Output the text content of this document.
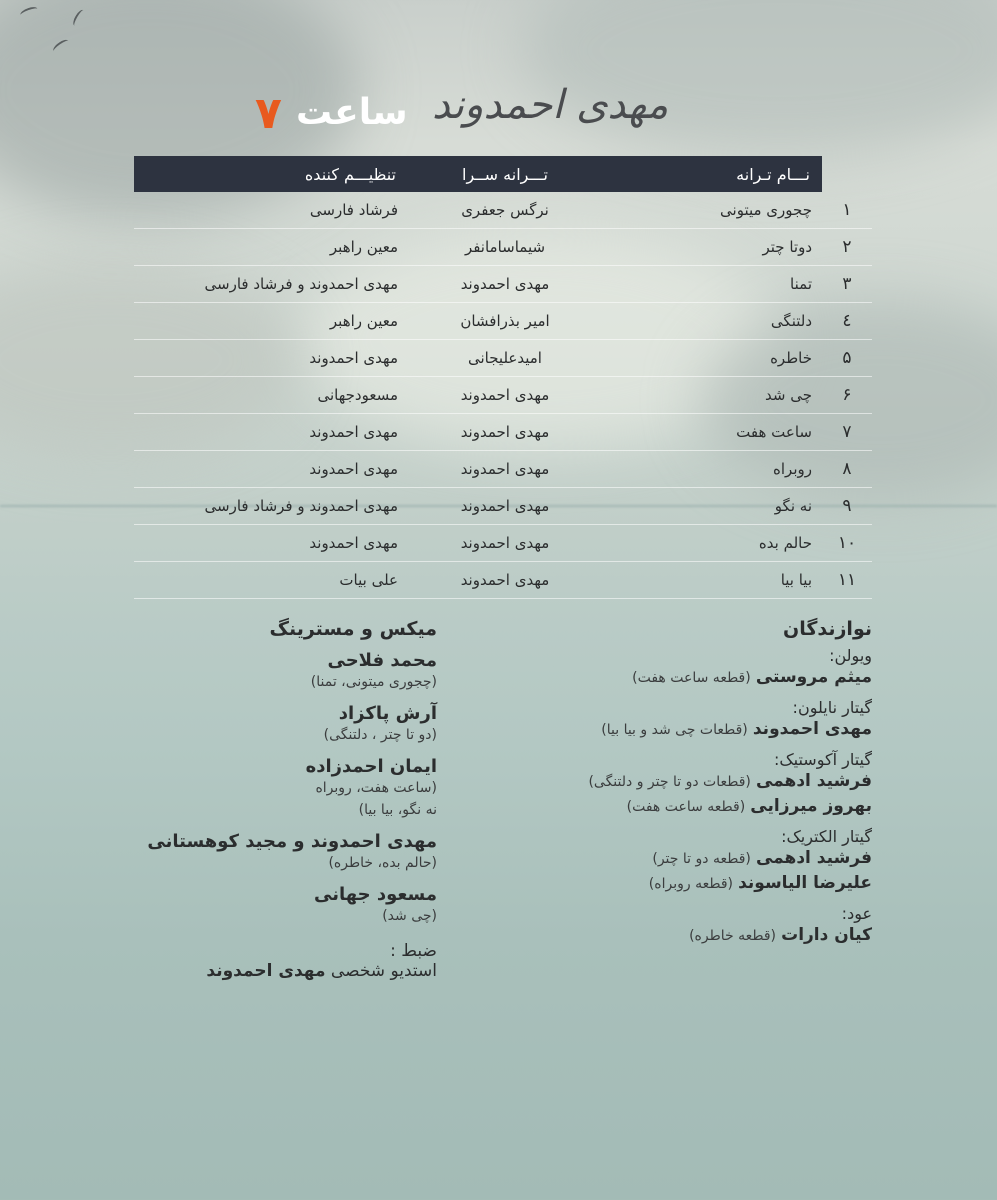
۷ ساعت مهدی احمدوند
	نـــام تـرانه	تـــرانه ســرا	تنظیـــم کننده
۱	چجوری میتونی	نرگس جعفری	فرشاد فارسی
۲	دوتا چتر	شیماسامانفر	معین راهبر
۳	تمنا	مهدی احمدوند	مهدی احمدوند و فرشاد فارسی
٤	دلتنگی	امیر بذرافشان	معین راهبر
۵	خاطره	امیدعلیجانی	مهدی احمدوند
۶	چی شد	مهدی احمدوند	مسعودجهانی
۷	ساعت هفت	مهدی احمدوند	مهدی احمدوند
۸	روبراه	مهدی احمدوند	مهدی احمدوند
۹	نه نگو	مهدی احمدوند	مهدی احمدوند و فرشاد فارسی
۱۰	حالم بده	مهدی احمدوند	مهدی احمدوند
۱۱	بیا بیا	مهدی احمدوند	علی بیات
نوازندگان
ویولن:
میثم مروستی (قطعه ساعت هفت)
گیتار نایلون:
مهدی احمدوند (قطعات چی شد و بیا بیا)
گیتار آکوستیک:
فرشید ادهمی (قطعات دو تا چتر و دلتنگی)
بهروز میرزایی (قطعه ساعت هفت)
گیتار الکتریک:
فرشید ادهمی (قطعه دو تا چتر)
علیرضا الیاسوند (قطعه روبراه)
عود:
کیان دارات (قطعه خاطره)
میکس و مسترینگ
محمد فلاحی
(چجوری میتونی، تمنا)
آرش پاکزاد
(دو تا چتر ، دلتنگی)
ایمان احمدزاده
(ساعت هفت، روبراه
نه نگو، بیا بیا)
مهدی احمدوند و مجید کوهستانی
(حالم بده، خاطره)
مسعود جهانی
(چی شد)
ضبط :
استدیو شخصی مهدی احمدوند
